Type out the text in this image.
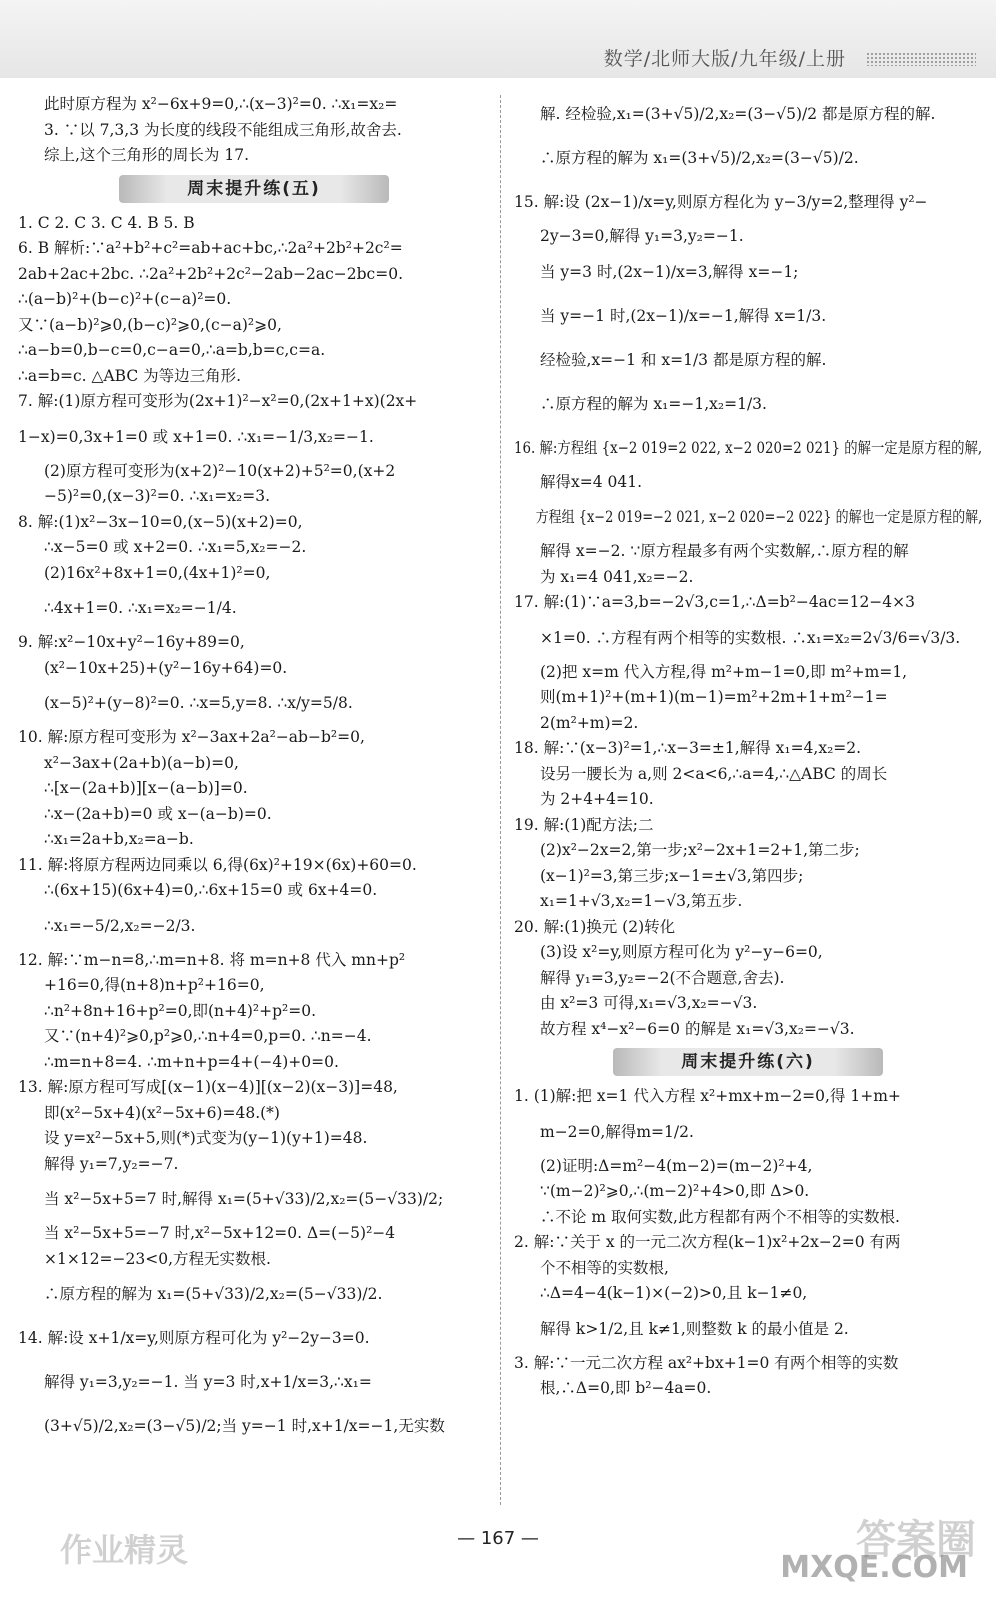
数学/北师大版/九年级/上册
此时原方程为 x²−6x+9=0,∴(x−3)²=0. ∴x₁=x₂=
3. ∵以 7,3,3 为长度的线段不能组成三角形,故舍去.
综上,这个三角形的周长为 17.
周末提升练(五)
1. C 2. C 3. C 4. B 5. B
6. B 解析:∵a²+b²+c²=ab+ac+bc,∴2a²+2b²+2c²=
2ab+2ac+2bc. ∴2a²+2b²+2c²−2ab−2ac−2bc=0.
∴(a−b)²+(b−c)²+(c−a)²=0.
又∵(a−b)²⩾0,(b−c)²⩾0,(c−a)²⩾0,
∴a−b=0,b−c=0,c−a=0,∴a=b,b=c,c=a.
∴a=b=c. △ABC 为等边三角形.
7. 解:(1)原方程可变形为(2x+1)²−x²=0,(2x+1+x)(2x+
1−x)=0,3x+1=0 或 x+1=0. ∴x₁=−1/3,x₂=−1.
(2)原方程可变形为(x+2)²−10(x+2)+5²=0,(x+2
−5)²=0,(x−3)²=0. ∴x₁=x₂=3.
8. 解:(1)x²−3x−10=0,(x−5)(x+2)=0,
∴x−5=0 或 x+2=0. ∴x₁=5,x₂=−2.
(2)16x²+8x+1=0,(4x+1)²=0,
∴4x+1=0. ∴x₁=x₂=−1/4.
9. 解:x²−10x+y²−16y+89=0,
(x²−10x+25)+(y²−16y+64)=0.
(x−5)²+(y−8)²=0. ∴x=5,y=8. ∴x/y=5/8.
10. 解:原方程可变形为 x²−3ax+2a²−ab−b²=0,
x²−3ax+(2a+b)(a−b)=0,
∴[x−(2a+b)][x−(a−b)]=0.
∴x−(2a+b)=0 或 x−(a−b)=0.
∴x₁=2a+b,x₂=a−b.
11. 解:将原方程两边同乘以 6,得(6x)²+19×(6x)+60=0.
∴(6x+15)(6x+4)=0,∴6x+15=0 或 6x+4=0.
∴x₁=−5/2,x₂=−2/3.
12. 解:∵m−n=8,∴m=n+8. 将 m=n+8 代入 mn+p²
+16=0,得(n+8)n+p²+16=0,
∴n²+8n+16+p²=0,即(n+4)²+p²=0.
又∵(n+4)²⩾0,p²⩾0,∴n+4=0,p=0. ∴n=−4.
∴m=n+8=4. ∴m+n+p=4+(−4)+0=0.
13. 解:原方程可写成[(x−1)(x−4)][(x−2)(x−3)]=48,
即(x²−5x+4)(x²−5x+6)=48.(*)
设 y=x²−5x+5,则(*)式变为(y−1)(y+1)=48.
解得 y₁=7,y₂=−7.
当 x²−5x+5=7 时,解得 x₁=(5+√33)/2,x₂=(5−√33)/2;
当 x²−5x+5=−7 时,x²−5x+12=0. Δ=(−5)²−4
×1×12=−23<0,方程无实数根.
∴原方程的解为 x₁=(5+√33)/2,x₂=(5−√33)/2.
14. 解:设 x+1/x=y,则原方程可化为 y²−2y−3=0.
解得 y₁=3,y₂=−1. 当 y=3 时,x+1/x=3,∴x₁=
(3+√5)/2,x₂=(3−√5)/2;当 y=−1 时,x+1/x=−1,无实数
解. 经检验,x₁=(3+√5)/2,x₂=(3−√5)/2 都是原方程的解.
∴原方程的解为 x₁=(3+√5)/2,x₂=(3−√5)/2.
15. 解:设 (2x−1)/x=y,则原方程化为 y−3/y=2,整理得 y²−
2y−3=0,解得 y₁=3,y₂=−1.
当 y=3 时,(2x−1)/x=3,解得 x=−1;
当 y=−1 时,(2x−1)/x=−1,解得 x=1/3.
经检验,x=−1 和 x=1/3 都是原方程的解.
∴原方程的解为 x₁=−1,x₂=1/3.
16. 解:方程组 {x−2 019=2 022, x−2 020=2 021} 的解一定是原方程的解,
解得x=4 041.
方程组 {x−2 019=−2 021, x−2 020=−2 022} 的解也一定是原方程的解,
解得 x=−2. ∵原方程最多有两个实数解,∴原方程的解
为 x₁=4 041,x₂=−2.
17. 解:(1)∵a=3,b=−2√3,c=1,∴Δ=b²−4ac=12−4×3
×1=0. ∴方程有两个相等的实数根. ∴x₁=x₂=2√3/6=√3/3.
(2)把 x=m 代入方程,得 m²+m−1=0,即 m²+m=1,
则(m+1)²+(m+1)(m−1)=m²+2m+1+m²−1=
2(m²+m)=2.
18. 解:∵(x−3)²=1,∴x−3=±1,解得 x₁=4,x₂=2.
设另一腰长为 a,则 2<a<6,∴a=4,∴△ABC 的周长
为 2+4+4=10.
19. 解:(1)配方法;二
(2)x²−2x=2,第一步;x²−2x+1=2+1,第二步;
(x−1)²=3,第三步;x−1=±√3,第四步;
x₁=1+√3,x₂=1−√3,第五步.
20. 解:(1)换元 (2)转化
(3)设 x²=y,则原方程可化为 y²−y−6=0,
解得 y₁=3,y₂=−2(不合题意,舍去).
由 x²=3 可得,x₁=√3,x₂=−√3.
故方程 x⁴−x²−6=0 的解是 x₁=√3,x₂=−√3.
周末提升练(六)
1. (1)解:把 x=1 代入方程 x²+mx+m−2=0,得 1+m+
m−2=0,解得m=1/2.
(2)证明:Δ=m²−4(m−2)=(m−2)²+4,
∵(m−2)²⩾0,∴(m−2)²+4>0,即 Δ>0.
∴不论 m 取何实数,此方程都有两个不相等的实数根.
2. 解:∵关于 x 的一元二次方程(k−1)x²+2x−2=0 有两
个不相等的实数根,
∴Δ=4−4(k−1)×(−2)>0,且 k−1≠0,
解得 k>1/2,且 k≠1,则整数 k 的最小值是 2.
3. 解:∵一元二次方程 ax²+bx+1=0 有两个相等的实数
根,∴Δ=0,即 b²−4a=0.
— 167 —
作业精灵	答案圈
MXQE.COM
